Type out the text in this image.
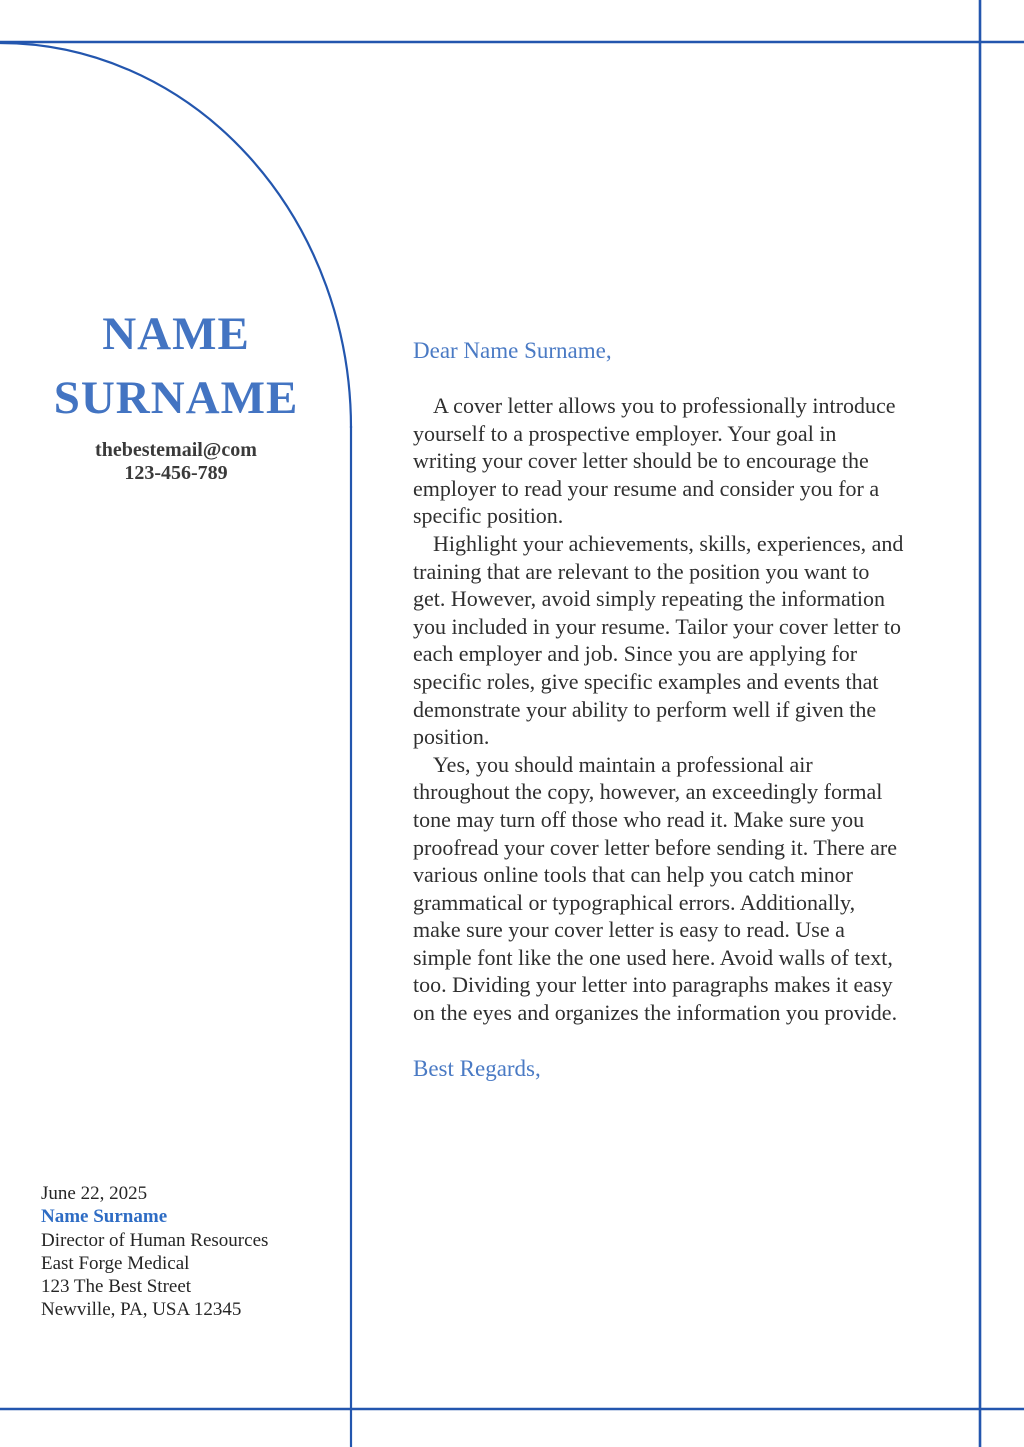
NAME
SURNAME
thebestemail@com
123-456-789
June 22, 2025
Name Surname
Director of Human Resources
East Forge Medical
123 The Best Street
Newville, PA, USA 12345

Dear Name Surname,

A cover letter allows you to professionally introduce yourself to a prospective employer. Your goal in writing your cover letter should be to encourage the employer to read your resume and consider you for a specific position.

Highlight your achievements, skills, experiences, and training that are relevant to the position you want to get. However, avoid simply repeating the information you included in your resume. Tailor your cover letter to each employer and job. Since you are applying for specific roles, give specific examples and events that demonstrate your ability to perform well if given the position.

Yes, you should maintain a professional air throughout the copy, however, an exceedingly formal tone may turn off those who read it. Make sure you proofread your cover letter before sending it. There are various online tools that can help you catch minor grammatical or typographical errors. Additionally, make sure your cover letter is easy to read. Use a simple font like the one used here. Avoid walls of text, too. Dividing your letter into paragraphs makes it easy on the eyes and organizes the information you provide.

Best Regards,
